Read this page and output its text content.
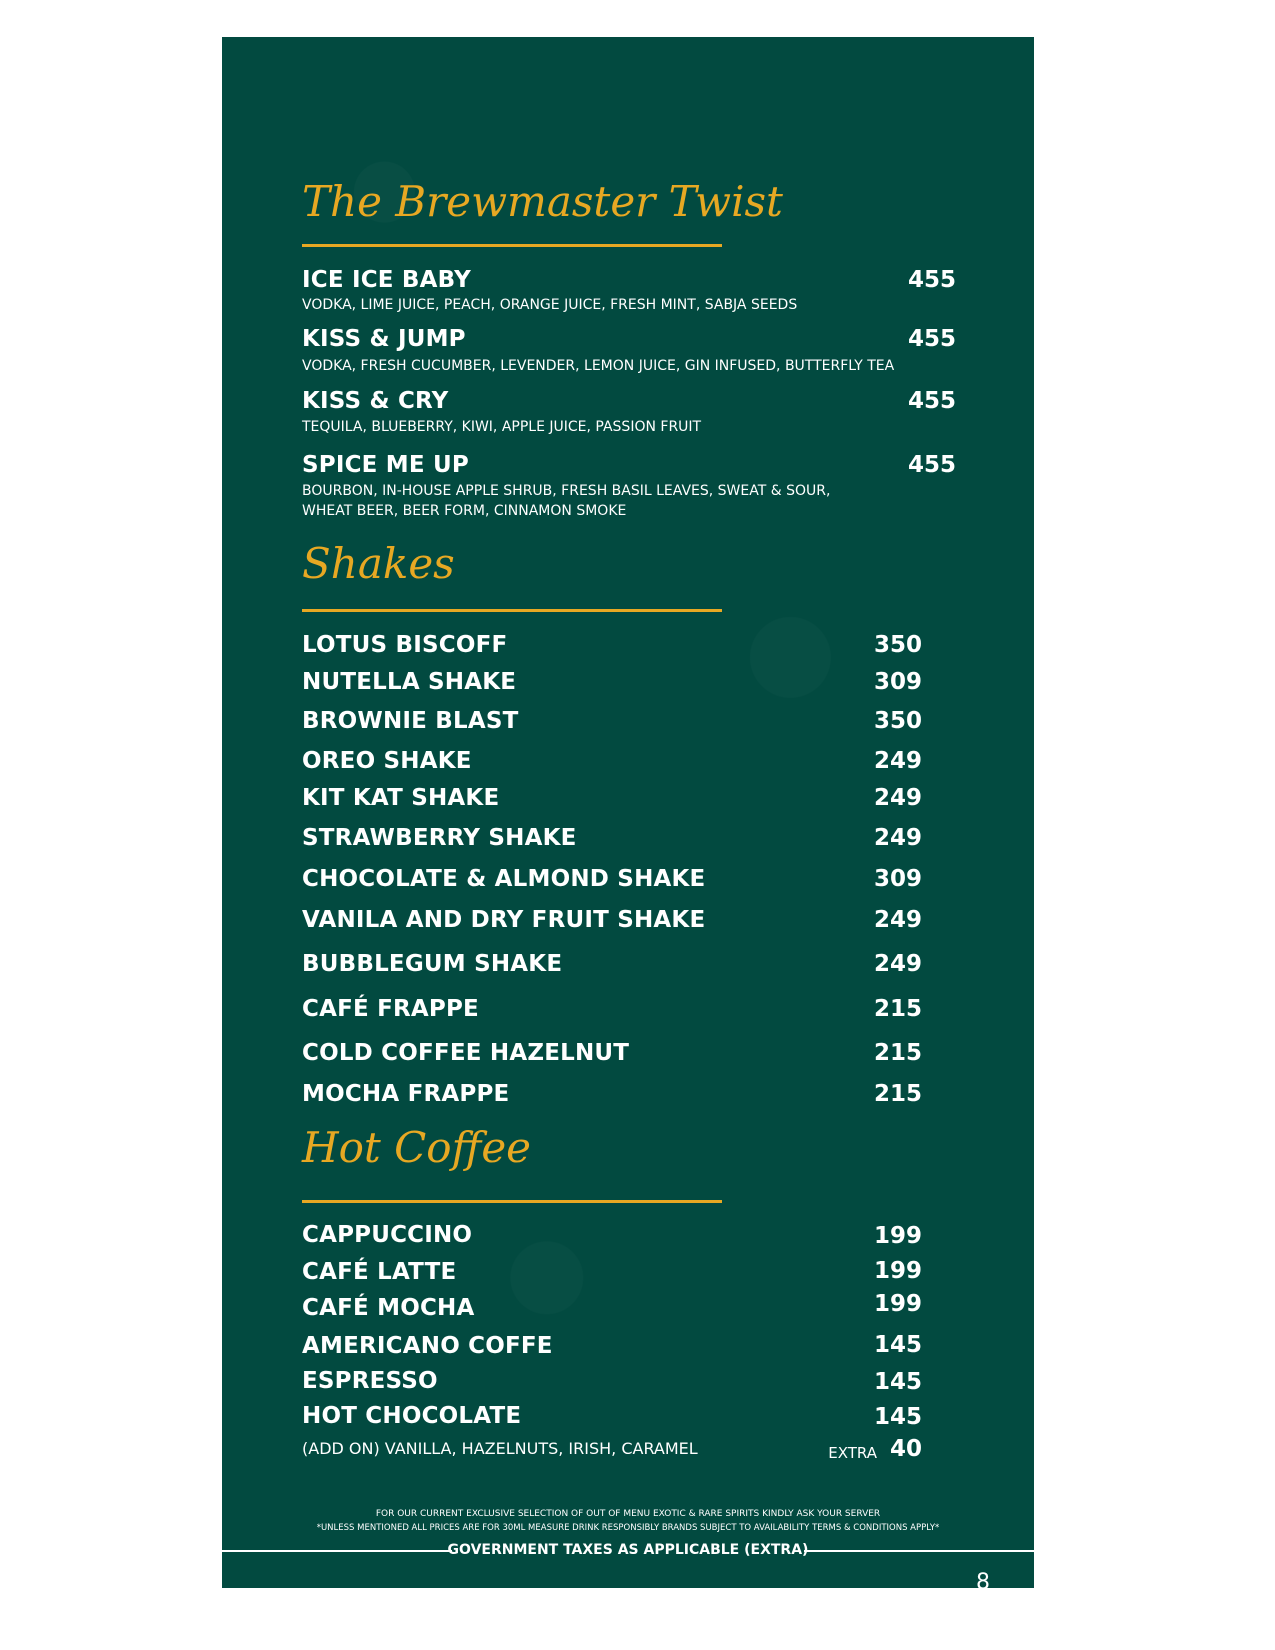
The Brewmaster Twist
ICE ICE BABY	455
VODKA, LIME JUICE, PEACH, ORANGE JUICE, FRESH MINT, SABJA SEEDS
KISS & JUMP	455
VODKA, FRESH CUCUMBER, LEVENDER, LEMON JUICE, GIN INFUSED, BUTTERFLY TEA
KISS & CRY	455
TEQUILA, BLUEBERRY, KIWI, APPLE JUICE, PASSION FRUIT
SPICE ME UP	455
BOURBON, IN-HOUSE APPLE SHRUB, FRESH BASIL LEAVES, SWEAT & SOUR,
WHEAT BEER, BEER FORM, CINNAMON SMOKE
Shakes
LOTUS BISCOFF	350
NUTELLA SHAKE	309
BROWNIE BLAST	350
OREO SHAKE	249
KIT KAT SHAKE	249
STRAWBERRY SHAKE	249
CHOCOLATE & ALMOND SHAKE	309
VANILA AND DRY FRUIT SHAKE	249
BUBBLEGUM SHAKE	249
CAFÉ FRAPPE	215
COLD COFFEE HAZELNUT	215
MOCHA FRAPPE	215
Hot Coffee
CAPPUCCINO	199
CAFÉ LATTE	199
CAFÉ MOCHA	199
AMERICANO COFFE	145
ESPRESSO	145
HOT CHOCOLATE	145
(ADD ON) VANILLA, HAZELNUTS, IRISH, CARAMEL	EXTRA 40
FOR OUR CURRENT EXCLUSIVE SELECTION OF OUT OF MENU EXOTIC & RARE SPIRITS KINDLY ASK YOUR SERVER
*UNLESS MENTIONED ALL PRICES ARE FOR 30ML MEASURE DRINK RESPONSIBLY BRANDS SUBJECT TO AVAILABILITY TERMS & CONDITIONS APPLY*
GOVERNMENT TAXES AS APPLICABLE (EXTRA)
8
